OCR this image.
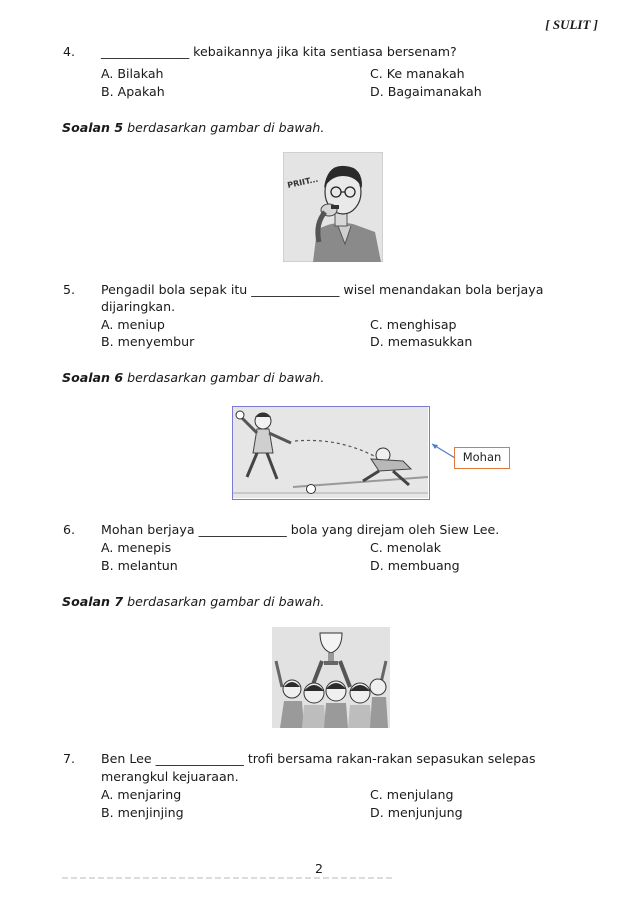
[ SULIT ]
4. ______________ kebaikannya jika kita sentiasa bersenam?
A. Bilakah	C. Ke manakah
B. Apakah	D. Bagaimanakah
Soalan 5 berdasarkan gambar di bawah.
PRIIT...
5. Pengadil bola sepak itu ______________ wisel menandakan bola berjaya
dijaringkan.
A. meniup	C. menghisap
B. menyembur	D. memasukkan
Soalan 6 berdasarkan gambar di bawah.
Mohan
6. Mohan berjaya ______________ bola yang direjam oleh Siew Lee.
A. menepis	C. menolak
B. melantun	D. membuang
Soalan 7 berdasarkan gambar di bawah.
7. Ben Lee ______________ trofi bersama rakan-rakan sepasukan selepas
merangkul kejuaraan.
A. menjaring	C. menjulang
B. menjinjing	D. menjunjung
2
